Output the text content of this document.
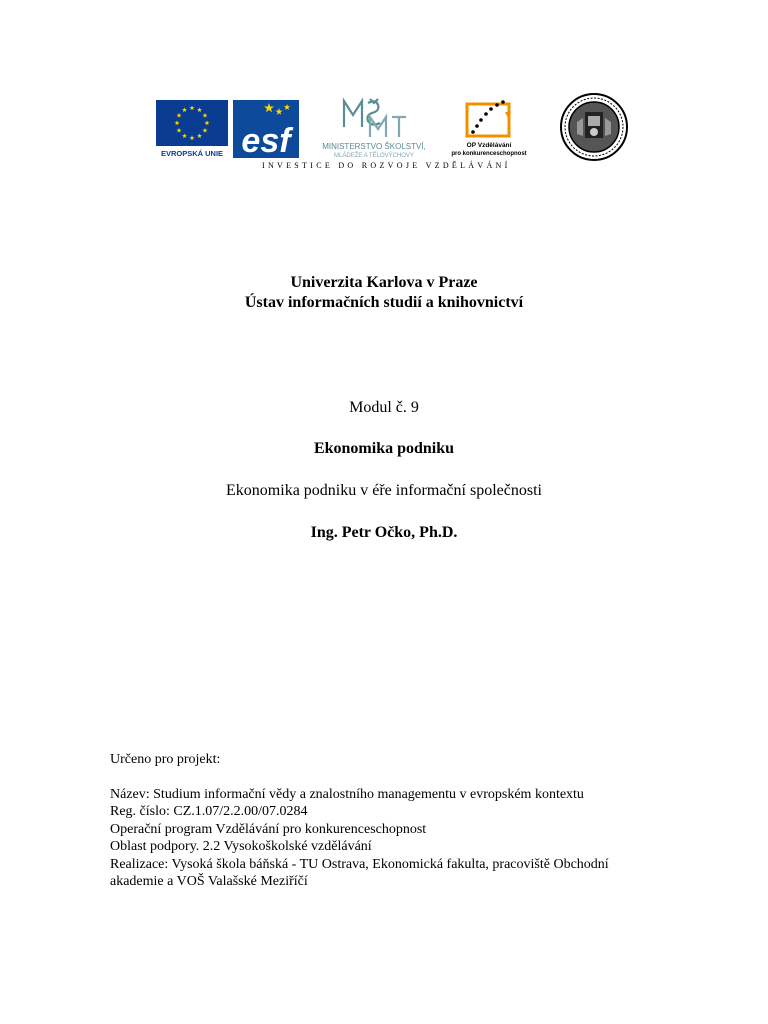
EVROPSKÁ UNIE esf	MINISTERSTVO ŠKOLSTVÍ,
MLÁDEŽE A TĚLOVÝCHOVY
OP Vzdělávání
pro konkurenceschopnost
INVESTICE DO ROZVOJE VZDĚLÁVÁNÍ
Univerzita Karlova v Praze
Ústav informačních studií a knihovnictví
Modul č. 9
Ekonomika podniku
Ekonomika podniku v éře informační společnosti
Ing. Petr Očko, Ph.D.
Určeno pro projekt:
Název: Studium informační vědy a znalostního managementu v evropském kontextu
Reg. číslo: CZ.1.07/2.2.00/07.0284
Operační program Vzdělávání pro konkurenceschopnost
Oblast podpory. 2.2 Vysokoškolské vzdělávání
Realizace: Vysoká škola báňská - TU Ostrava, Ekonomická fakulta, pracoviště Obchodní
akademie a VOŠ Valašské Meziříčí
